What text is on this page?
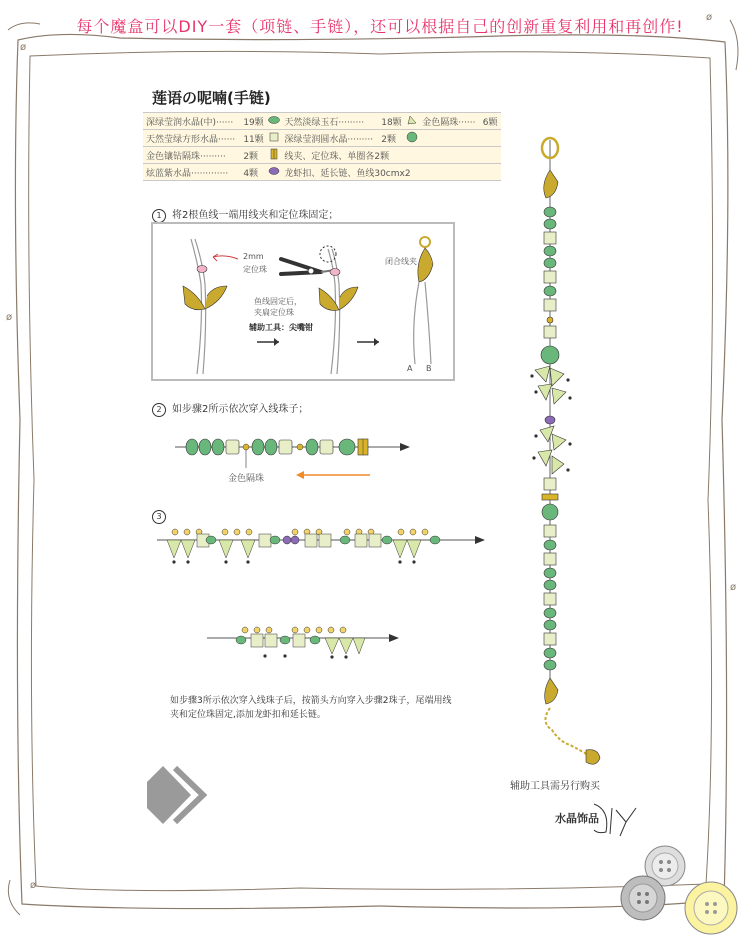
ø
ø
ø
ø
ø
每个魔盒可以DIY一套（项链、手链），还可以根据自己的创新重复利用和再创作!
莲语の呢喃(手链)
深绿莹润水晶(中)······	19颗		天然淡绿玉石·········	18颗		金色隔珠······	6颗
天然莹绿方形水晶······	11颗		深绿莹润圆水晶·········	2颗			
金色镶钻隔珠·········	2颗		线夹、定位珠、单圈各2颗				
炫蓝紫水晶·············	4颗		龙虾扣、延长链、鱼线30cmx2				
1 将2根鱼线一端用线夹和定位珠固定；
2mm
定位珠
鱼线固定后，
夹扁定位珠
辅助工具：尖嘴钳
闭合线夹
A B
2 如步骤2所示依次穿入线珠子；
金色隔珠
3
如步骤3所示依次穿入线珠子后，按箭头方向穿入步骤2珠子，尾端用线夹和定位珠固定,添加龙虾扣和延长链。
辅助工具需另行购买
水晶饰品
